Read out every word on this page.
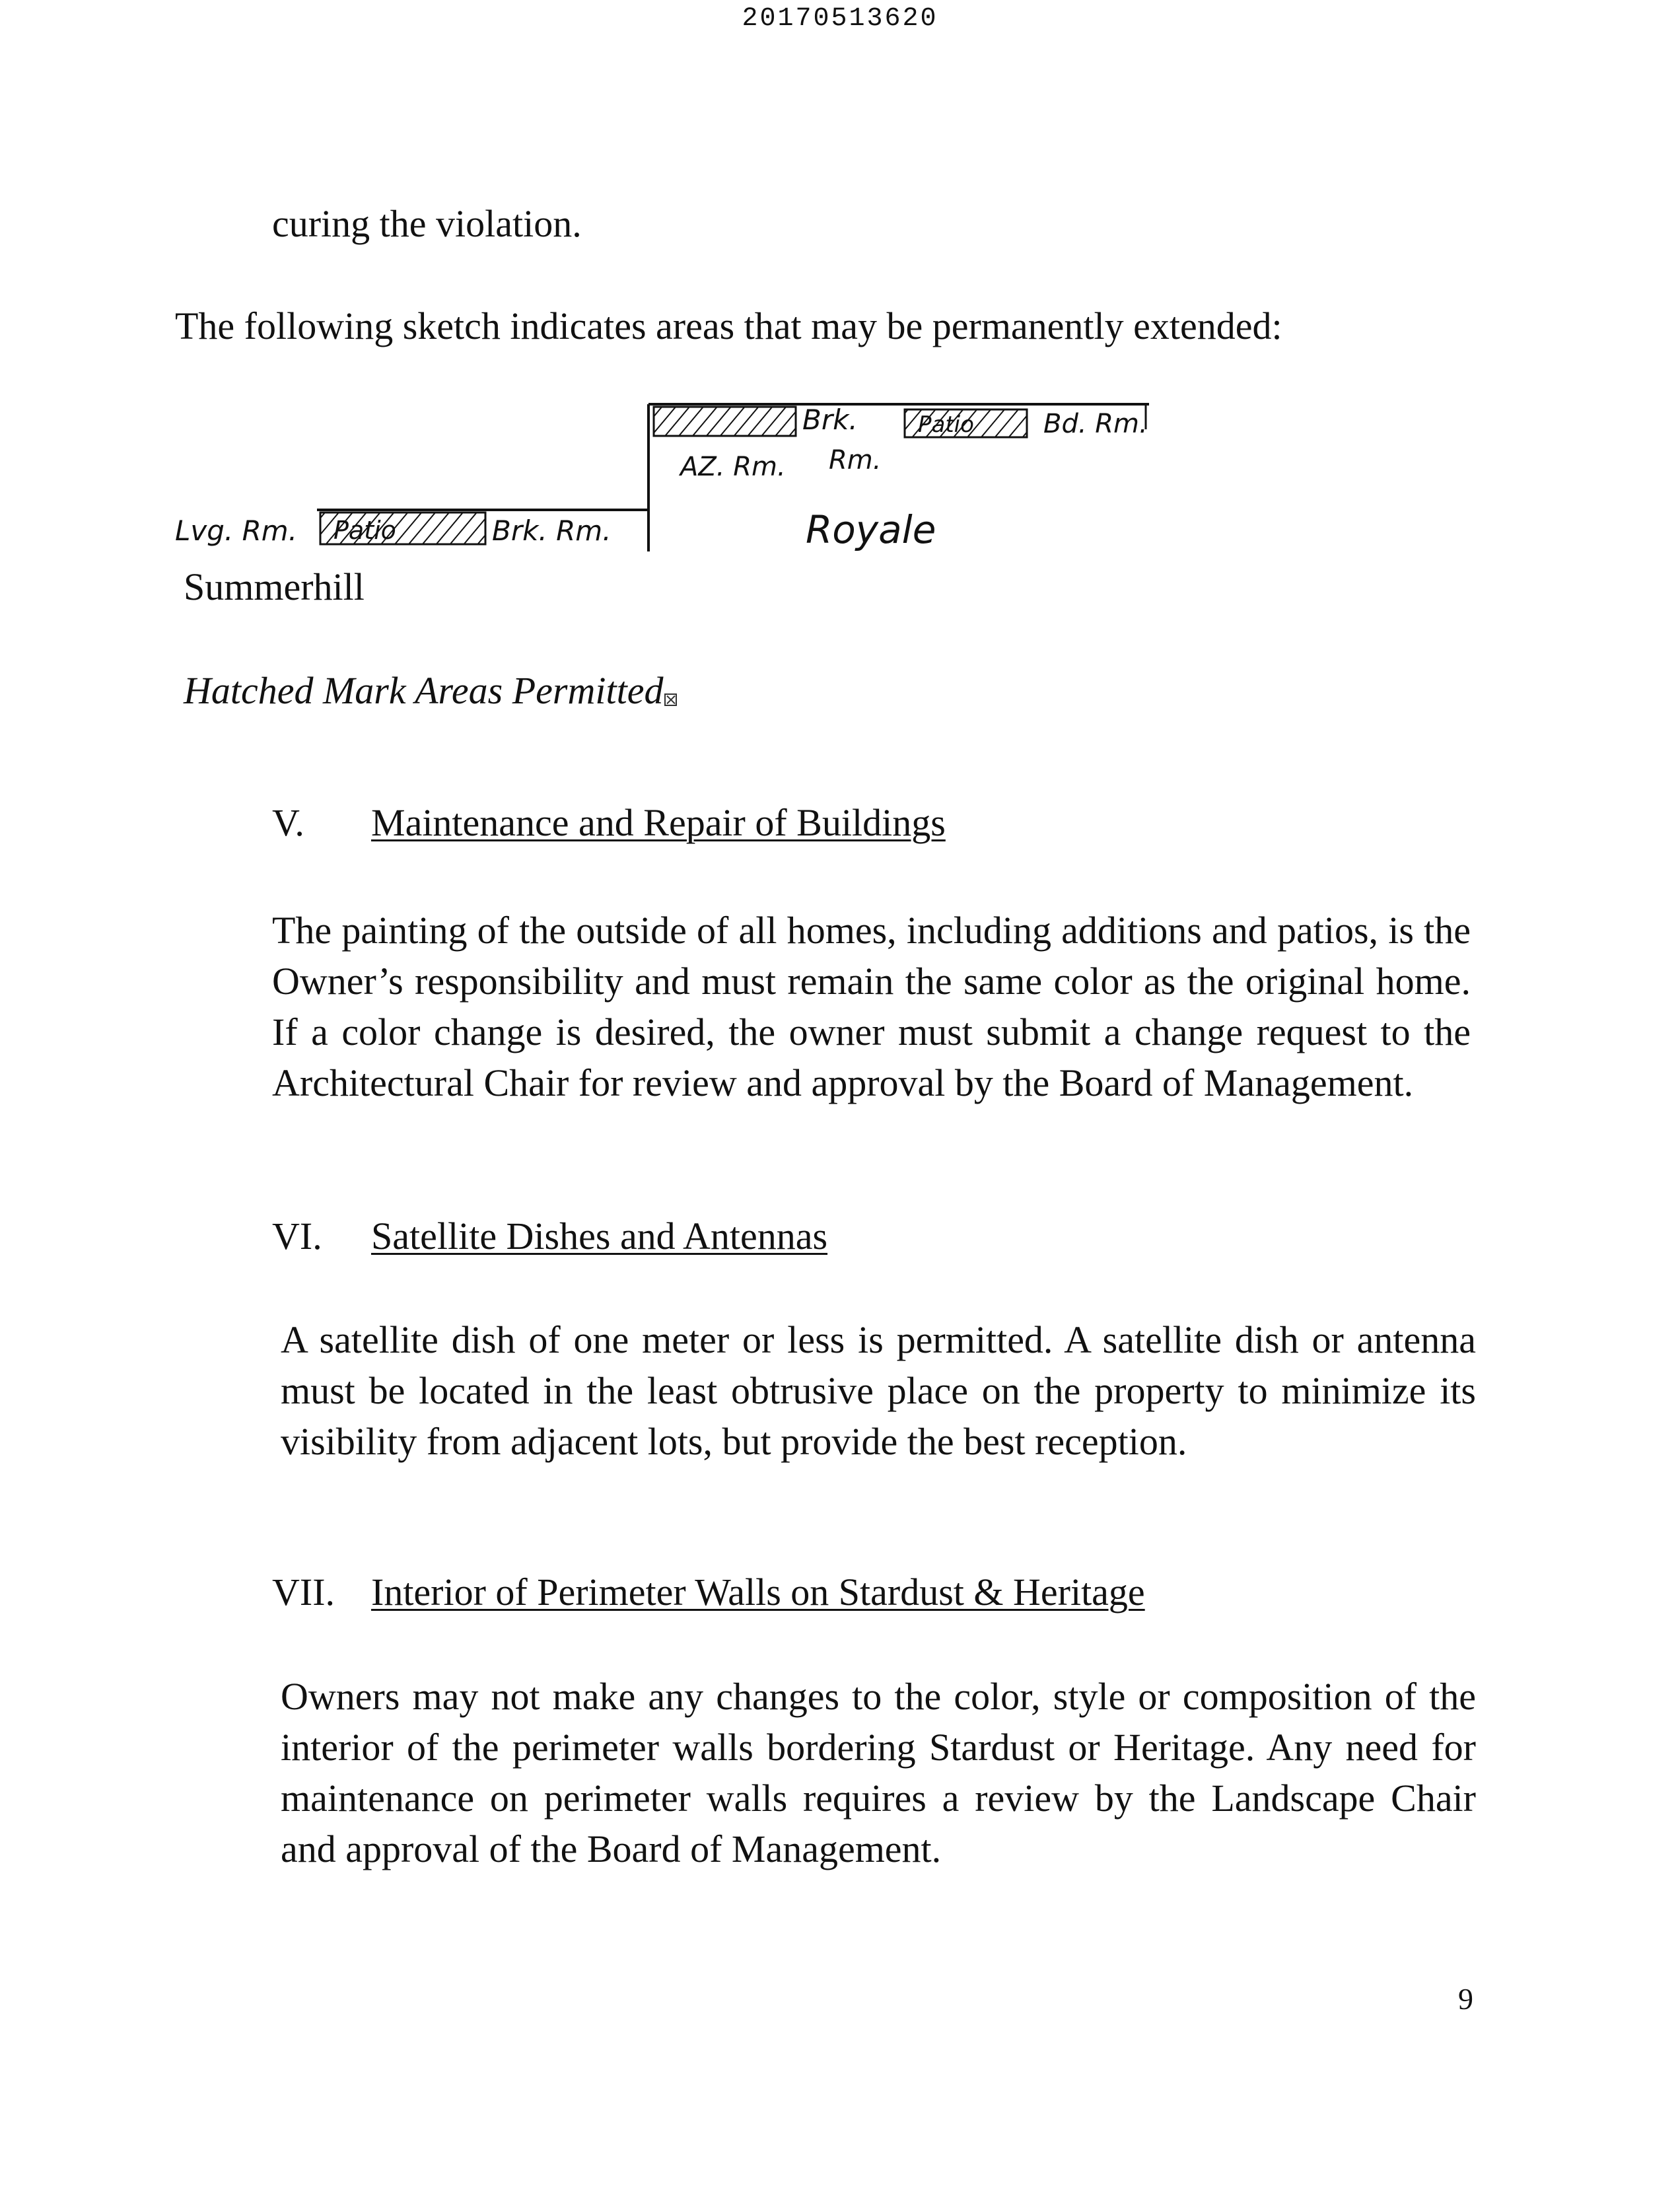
20170513620
curing the violation.
The following sketch indicates areas that may be permanently extended:
AZ. Rm.
Brk.
Rm.
Patio	Bd. Rm.
Lvg. Rm. Patio	Brk. Rm.	Royale
Summerhill
Hatched Mark Areas Permitted
V. Maintenance and Repair of Buildings
The painting of the outside of all homes, including additions and patios, is the Owner’s responsibility and must remain the same color as the original home. If a color change is desired, the owner must submit a change request to the Architectural Chair for review and approval by the Board of Management.
VI. Satellite Dishes and Antennas
A satellite dish of one meter or less is permitted. A satellite dish or antenna must be located in the least obtrusive place on the property to minimize its visibility from adjacent lots, but provide the best reception.
VII. Interior of Perimeter Walls on Stardust & Heritage
Owners may not make any changes to the color, style or composition of the interior of the perimeter walls bordering Stardust or Heritage. Any need for maintenance on perimeter walls requires a review by the Landscape Chair and approval of the Board of Management.
9
